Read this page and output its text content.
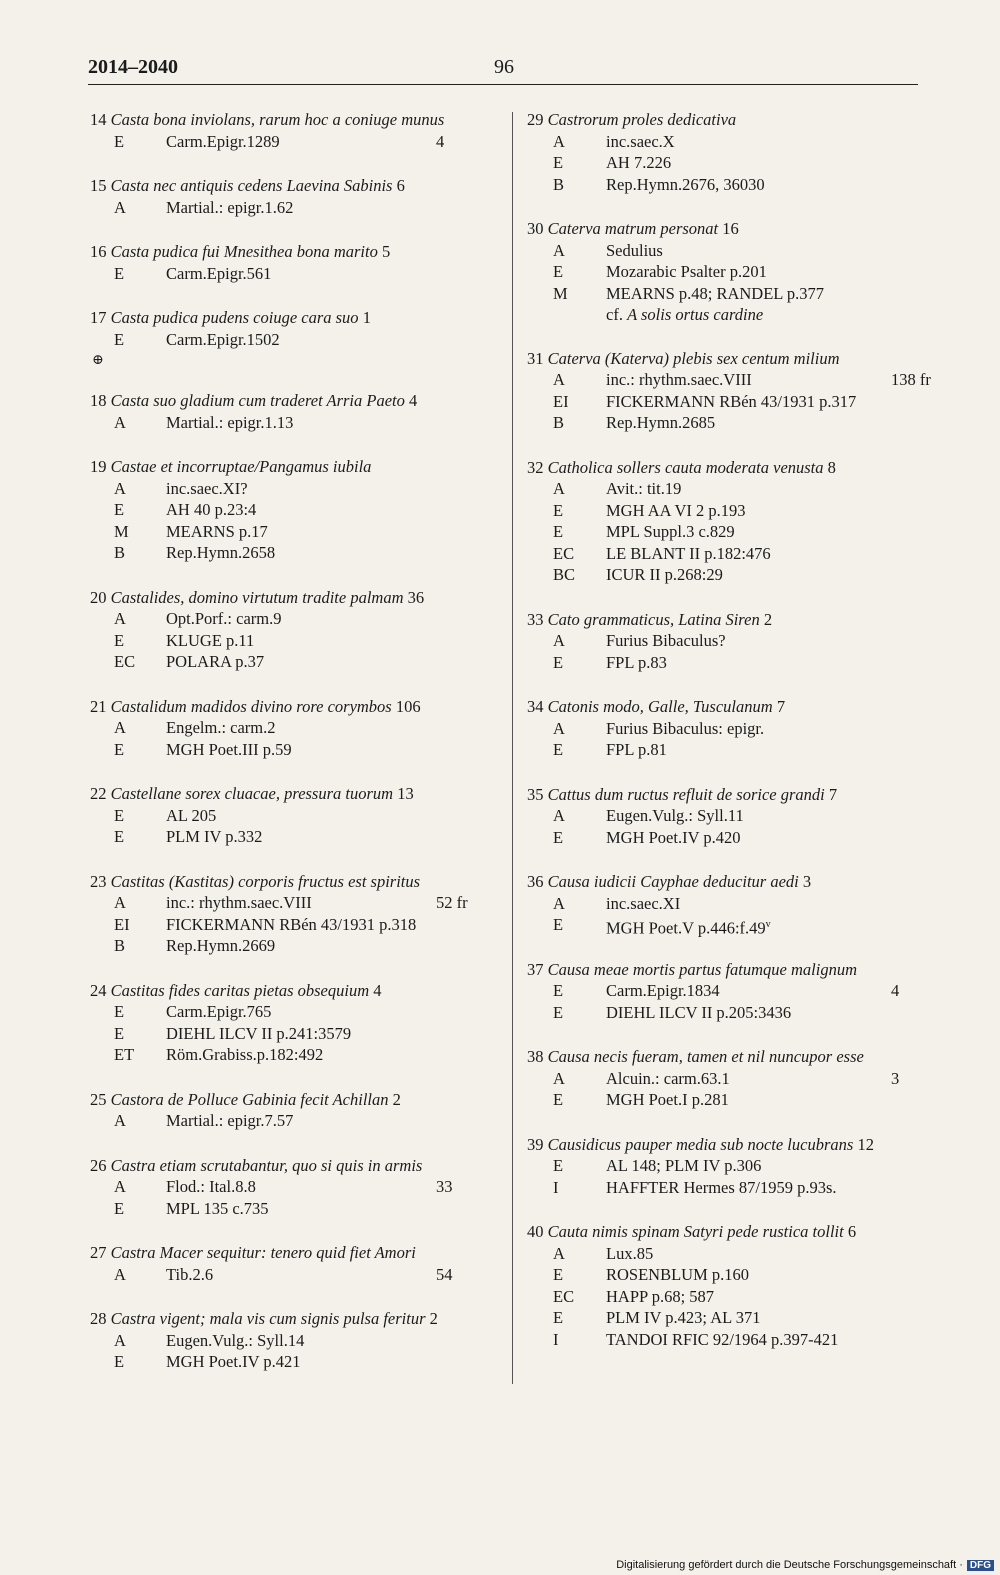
2014–2040	96
14 Casta bona inviolans, rarum hoc a coniuge munus
E	Carm.Epigr.1289	4
15 Casta nec antiquis cedens Laevina Sabinis 6
A	Martial.: epigr.1.62
16 Casta pudica fui Mnesithea bona marito 5
E	Carm.Epigr.561
17 Casta pudica pudens coiuge cara suo 1
E	Carm.Epigr.1502
⊕
18 Casta suo gladium cum traderet Arria Paeto 4
A	Martial.: epigr.1.13
19 Castae et incorruptae/Pangamus iubila
A	inc.saec.XI?
E	AH 40 p.23:4
M	MEARNS p.17
B	Rep.Hymn.2658
20 Castalides, domino virtutum tradite palmam 36
A	Opt.Porf.: carm.9
E	KLUGE p.11
EC	POLARA p.37
21 Castalidum madidos divino rore corymbos 106
A	Engelm.: carm.2
E	MGH Poet.III p.59
22 Castellane sorex cluacae, pressura tuorum 13
E	AL 205
E	PLM IV p.332
23 Castitas (Kastitas) corporis fructus est spiritus
A	inc.: rhythm.saec.VIII	52 fr
EI	FICKERMANN RBén 43/1931 p.318
B	Rep.Hymn.2669
24 Castitas fides caritas pietas obsequium 4
E	Carm.Epigr.765
E	DIEHL ILCV II p.241:3579
ET	Röm.Grabiss.p.182:492
25 Castora de Polluce Gabinia fecit Achillan 2
A	Martial.: epigr.7.57
26 Castra etiam scrutabantur, quo si quis in armis
A	Flod.: Ital.8.8	33
E	MPL 135 c.735
27 Castra Macer sequitur: tenero quid fiet Amori
A	Tib.2.6	54
28 Castra vigent; mala vis cum signis pulsa feritur 2
A	Eugen.Vulg.: Syll.14
E	MGH Poet.IV p.421
29 Castrorum proles dedicativa
A	inc.saec.X
E	AH 7.226
B	Rep.Hymn.2676, 36030
30 Caterva matrum personat 16
A	Sedulius
E	Mozarabic Psalter p.201
M	MEARNS p.48; RANDEL p.377
cf. A solis ortus cardine
31 Caterva (Katerva) plebis sex centum milium
A	inc.: rhythm.saec.VIII	138 fr
EI	FICKERMANN RBén 43/1931 p.317
B	Rep.Hymn.2685
32 Catholica sollers cauta moderata venusta 8
A	Avit.: tit.19
E	MGH AA VI 2 p.193
E	MPL Suppl.3 c.829
EC	LE BLANT II p.182:476
BC	ICUR II p.268:29
33 Cato grammaticus, Latina Siren 2
A	Furius Bibaculus?
E	FPL p.83
34 Catonis modo, Galle, Tusculanum 7
A	Furius Bibaculus: epigr.
E	FPL p.81
35 Cattus dum ructus refluit de sorice grandi 7
A	Eugen.Vulg.: Syll.11
E	MGH Poet.IV p.420
36 Causa iudicii Cayphae deducitur aedi 3
A	inc.saec.XI
E	MGH Poet.V p.446:f.49$^v$
37 Causa meae mortis partus fatumque malignum
E	Carm.Epigr.1834	4
E	DIEHL ILCV II p.205:3436
38 Causa necis fueram, tamen et nil nuncupor esse
A	Alcuin.: carm.63.1	3
E	MGH Poet.I p.281
39 Causidicus pauper media sub nocte lucubrans 12
E	AL 148; PLM IV p.306
I	HAFFTER Hermes 87/1959 p.93s.
40 Cauta nimis spinam Satyri pede rustica tollit 6
A	Lux.85
E	ROSENBLUM p.160
EC	HAPP p.68; 587
E	PLM IV p.423; AL 371
I	TANDOI RFIC 92/1964 p.397-421
Digitalisierung gefördert durch die Deutsche Forschungsgemeinschaft · DFG
